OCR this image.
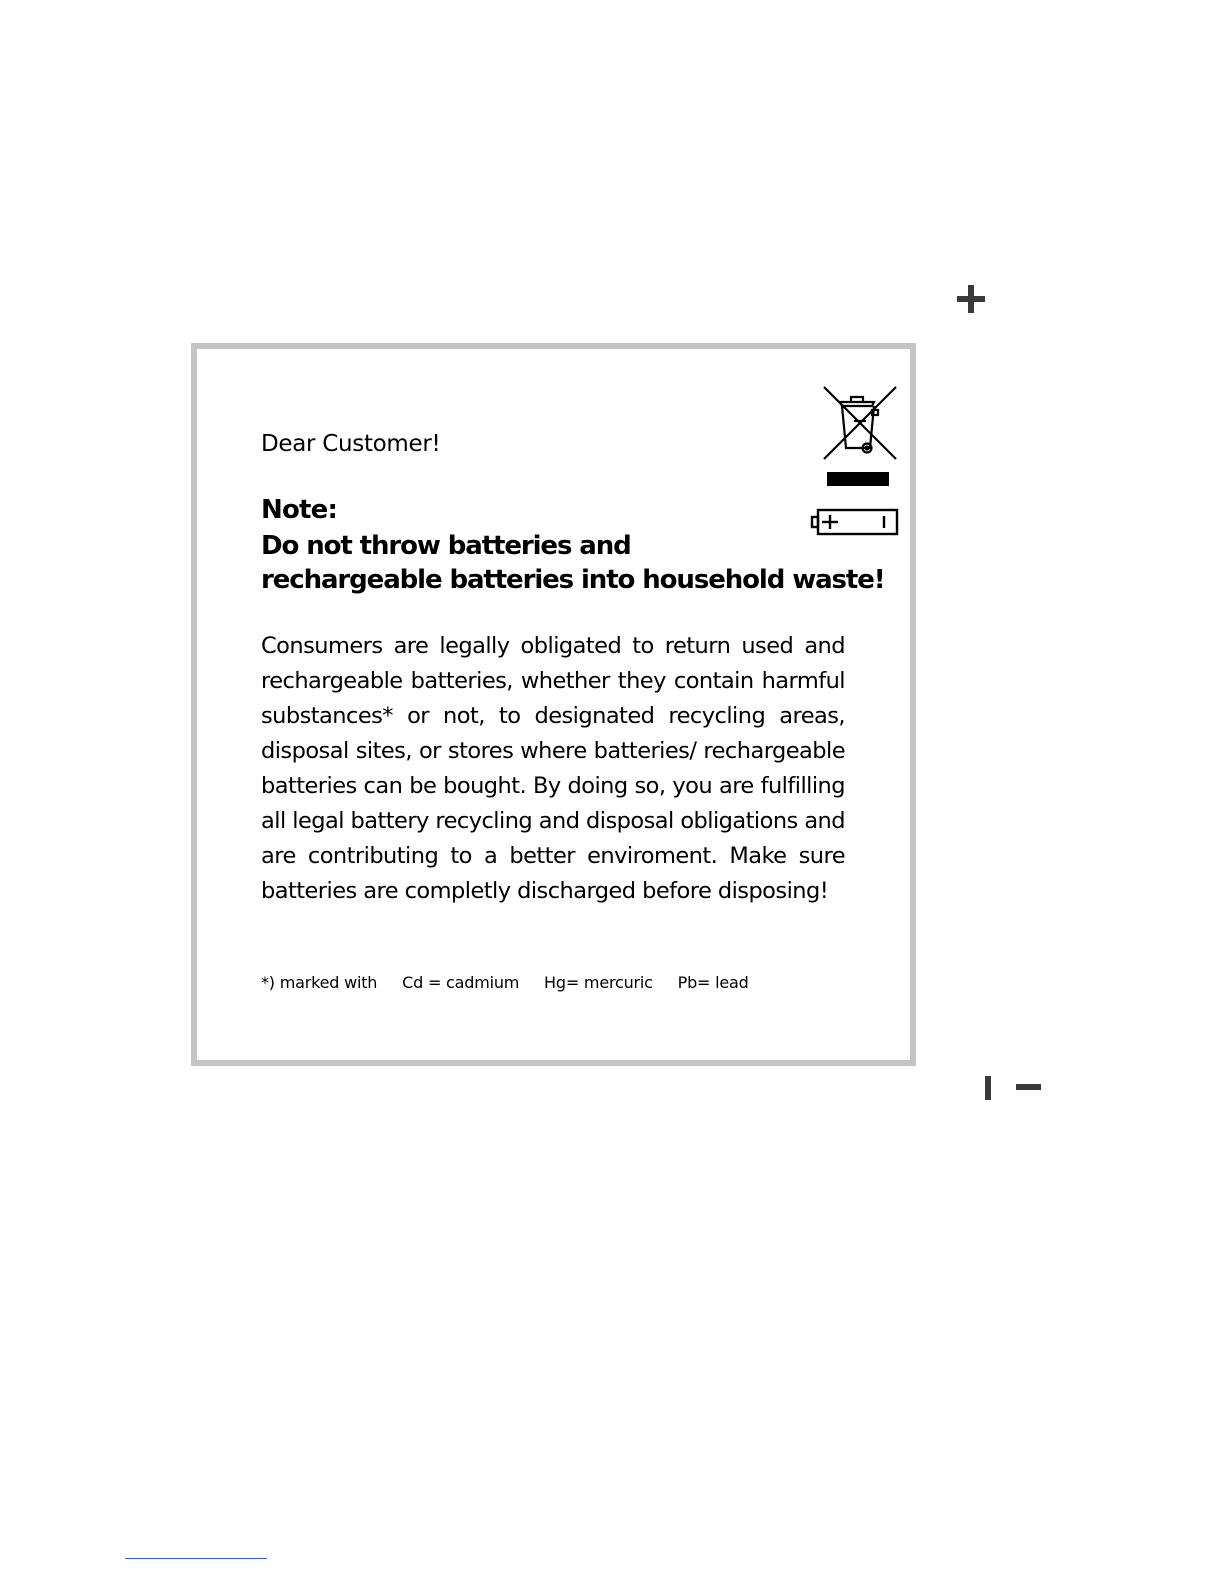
Dear Customer!
Note:
Do not throw batteries and
rechargeable batteries into household waste!
Consumers are legally obligated to return used and rechargeable batteries, whether they contain harmful substances* or not, to designated recycling areas, disposal sites, or stores where batteries/ rechargeable batteries can be bought. By doing so, you are fulfilling all legal battery recycling and disposal obligations and are contributing to a better enviroment. Make sure batteries are completly discharged before disposing!
*) marked with Cd = cadmium Hg= mercuric Pb= lead
